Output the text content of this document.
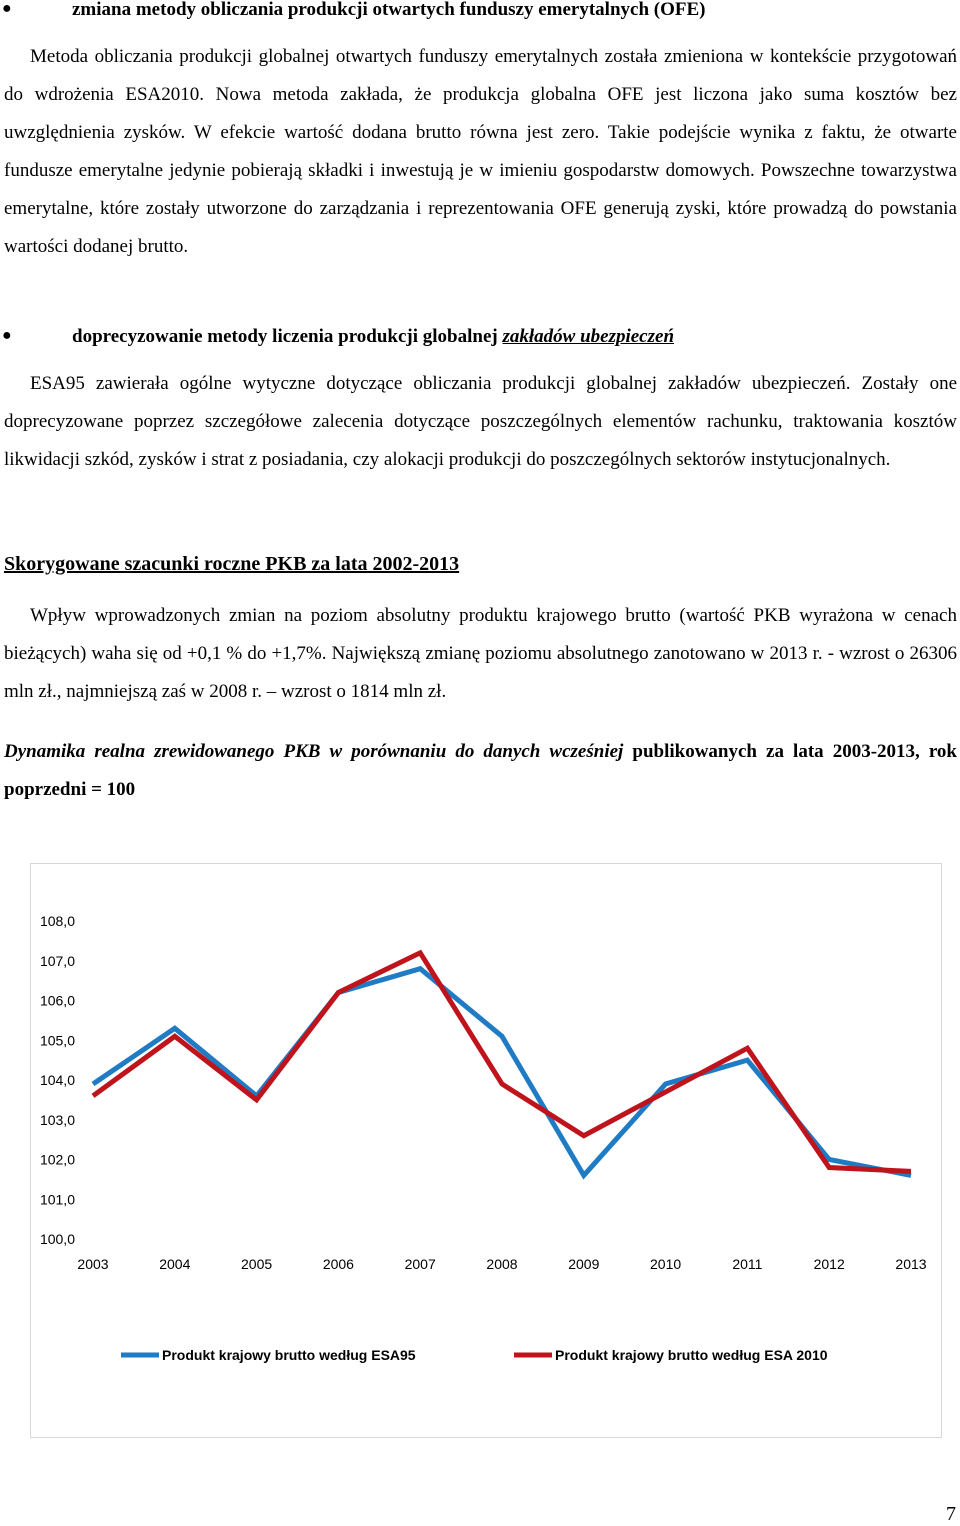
●	zmiana metody obliczania produkcji otwartych funduszy emerytalnych (OFE)
Metoda obliczania produkcji globalnej otwartych funduszy emerytalnych została zmieniona w kontekście przygotowań do wdrożenia ESA2010. Nowa metoda zakłada, że produkcja globalna OFE jest liczona jako suma kosztów bez uwzględnienia zysków. W efekcie wartość dodana brutto równa jest zero. Takie podejście wynika z faktu, że otwarte fundusze emerytalne jedynie pobierają składki i inwestują je w imieniu gospodarstw domowych. Powszechne towarzystwa emerytalne, które zostały utworzone do zarządzania i reprezentowania OFE generują zyski, które prowadzą do powstania wartości dodanej brutto.
●	doprecyzowanie metody liczenia produkcji globalnej zakładów ubezpieczeń
ESA95 zawierała ogólne wytyczne dotyczące obliczania produkcji globalnej zakładów ubezpieczeń. Zostały one doprecyzowane poprzez szczegółowe zalecenia dotyczące poszczególnych elementów rachunku, traktowania kosztów likwidacji szkód, zysków i strat z posiadania, czy alokacji produkcji do poszczególnych sektorów instytucjonalnych.
Skorygowane szacunki roczne PKB za lata 2002-2013
Wpływ wprowadzonych zmian na poziom absolutny produktu krajowego brutto (wartość PKB wyrażona w cenach bieżących) waha się od +0,1 % do +1,7%. Największą zmianę poziomu absolutnego zanotowano w 2013 r. - wzrost o 26306 mln zł., najmniejszą zaś w 2008 r. – wzrost o 1814 mln zł.
Dynamika realna zrewidowanego PKB w porównaniu do danych wcześniej publikowanych za lata 2003-2013, rok poprzedni = 100
100,0
101,0
102,0
103,0
104,0
105,0
106,0
107,0
108,0
2003	2004	2005	2006	2007	2008	2009	2010	2011	2012	2013
Produkt krajowy brutto według ESA95	Produkt krajowy brutto według ESA 2010
7
